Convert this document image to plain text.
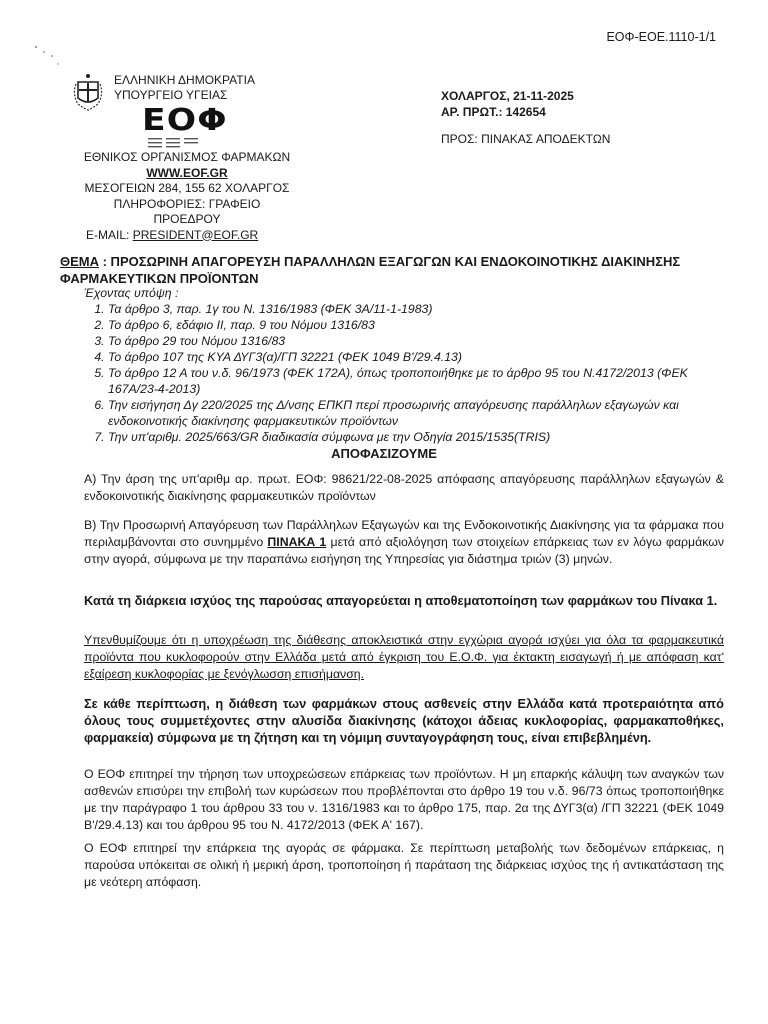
ΕΟΦ-ΕΟΕ.1110-1/1
ΕΛΛΗΝΙΚΗ ΔΗΜΟΚΡΑΤΙΑ
ΥΠΟΥΡΓΕΙΟ ΥΓΕΙΑΣ
ΕΟΦ
ΕΘΝΙΚΟΣ ΟΡΓΑΝΙΣΜΟΣ ΦΑΡΜΑΚΩΝ
WWW.EOF.GR
ΜΕΣΟΓΕΙΩΝ 284, 155 62 ΧΟΛΑΡΓΟΣ
ΠΛΗΡΟΦΟΡΙΕΣ: ΓΡΑΦΕΙΟ ΠΡΟΕΔΡΟΥ
E-MAIL: PRESIDENT@EOF.GR
ΧΟΛΑΡΓΟΣ, 21-11-2025
ΑΡ. ΠΡΩΤ.: 142654
ΠΡΟΣ: ΠΙΝΑΚΑΣ ΑΠΟΔΕΚΤΩΝ
ΘΕΜΑ : ΠΡΟΣΩΡΙΝΗ ΑΠΑΓΟΡΕΥΣΗ ΠΑΡΑΛΛΗΛΩΝ ΕΞΑΓΩΓΩΝ ΚΑΙ ΕΝΔΟΚΟΙΝΟΤΙΚΗΣ ΔΙΑΚΙΝΗΣΗΣ ΦΑΡΜΑΚΕΥΤΙΚΩΝ ΠΡΟΪΟΝΤΩΝ
Έχοντας υπόψη :
1. Τα άρθρο 3, παρ. 1γ του Ν. 1316/1983 (ΦΕΚ 3Α/11-1-1983)
2. Το άρθρο 6, εδάφιο ΙΙ, παρ. 9 του Νόμου 1316/83
3. Το άρθρο 29 του Νόμου 1316/83
4. Το άρθρο 107 της ΚΥΑ ΔΥΓ3(α)/ΓΠ 32221 (ΦΕΚ 1049 Β'/29.4.13)
5. Το άρθρο 12 Α του ν.δ. 96/1973 (ΦΕΚ 172Α), όπως τροποποιήθηκε με το άρθρο 95 του Ν.4172/2013 (ΦΕΚ 167Α/23-4-2013)
6. Την εισήγηση Δγ 220/2025 της Δ/νσης ΕΠΚΠ περί προσωρινής απαγόρευσης παράλληλων εξαγωγών και ενδοκοινοτικής διακίνησης φαρμακευτικών προϊόντων
7. Την υπ'αριθμ. 2025/663/GR διαδικασία σύμφωνα με την Οδηγία 2015/1535(TRIS)
ΑΠΟΦΑΣΙΖΟΥΜΕ
Α) Την άρση της υπ'αριθμ αρ. πρωτ. ΕΟΦ: 98621/22-08-2025 απόφασης απαγόρευσης παράλληλων εξαγωγών & ενδοκοινοτικής διακίνησης φαρμακευτικών προϊόντων
Β) Την Προσωρινή Απαγόρευση των Παράλληλων Εξαγωγών και της Ενδοκοινοτικής Διακίνησης για τα φάρμακα που περιλαμβάνονται στο συνημμένο ΠΙΝΑΚΑ 1 μετά από αξιολόγηση των στοιχείων επάρκειας των εν λόγω φαρμάκων στην αγορά, σύμφωνα με την παραπάνω εισήγηση της Υπηρεσίας για διάστημα τριών (3) μηνών.
Κατά τη διάρκεια ισχύος της παρούσας απαγορεύεται η αποθεματοποίηση των φαρμάκων του Πίνακα 1.
Υπενθυμίζουμε ότι η υποχρέωση της διάθεσης αποκλειστικά στην εγχώρια αγορά ισχύει για όλα τα φαρμακευτικά προϊόντα που κυκλοφορούν στην Ελλάδα μετά από έγκριση του Ε.Ο.Φ. για έκτακτη εισαγωγή ή με απόφαση κατ' εξαίρεση κυκλοφορίας με ξενόγλωσση επισήμανση.
Σε κάθε περίπτωση, η διάθεση των φαρμάκων στους ασθενείς στην Ελλάδα κατά προτεραιότητα από όλους τους συμμετέχοντες στην αλυσίδα διακίνησης (κάτοχοι άδειας κυκλοφορίας, φαρμακαποθήκες, φαρμακεία) σύμφωνα με τη ζήτηση και τη νόμιμη συνταγογράφηση τους, είναι επιβεβλημένη.
Ο ΕΟΦ επιτηρεί την τήρηση των υποχρεώσεων επάρκειας των προϊόντων. Η μη επαρκής κάλυψη των αναγκών των ασθενών επισύρει την επιβολή των κυρώσεων που προβλέπονται στο άρθρο 19 του ν.δ. 96/73 όπως τροποποιήθηκε με την παράγραφο 1 του άρθρου 33 του ν. 1316/1983 και το άρθρο 175, παρ. 2α της ΔΥΓ3(α) /ΓΠ 32221 (ΦΕΚ 1049 Β'/29.4.13) και του άρθρου 95 του Ν. 4172/2013 (ΦΕΚ Α' 167).
Ο ΕΟΦ επιτηρεί την επάρκεια της αγοράς σε φάρμακα. Σε περίπτωση μεταβολής των δεδομένων επάρκειας, η παρούσα υπόκειται σε ολική ή μερική άρση, τροποποίηση ή παράταση της διάρκειας ισχύος της ή αντικατάσταση της με νεότερη απόφαση.
